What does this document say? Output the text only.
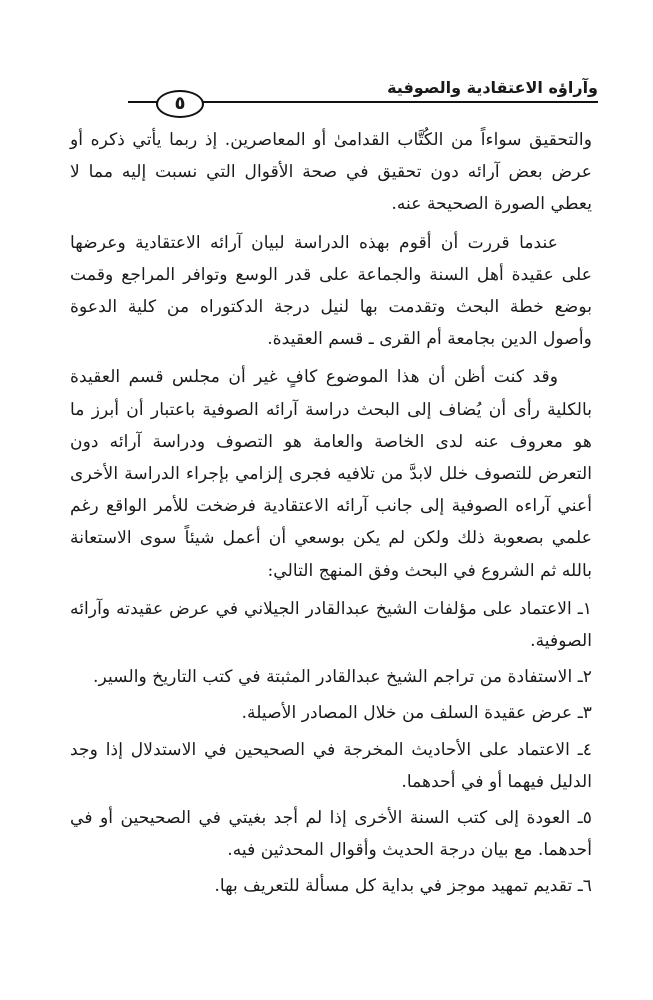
وآراؤه الاعتقادية والصوفية
٥

والتحقيق سواءاً من الكُتَّاب القدامىٰ أو المعاصرين. إذ ربما يأتي ذكره أو عرض بعض آرائه دون تحقيق في صحة الأقوال التي نسبت إليه مما لا يعطي الصورة الصحيحة عنه.

عندما قررت أن أقوم بهذه الدراسة لبيان آرائه الاعتقادية وعرضها على عقيدة أهل السنة والجماعة على قدر الوسع وتوافر المراجع وقمت بوضع خطة البحث وتقدمت بها لنيل درجة الدكتوراه من كلية الدعوة وأصول الدين بجامعة أم القرى ـ قسم العقيدة.

وقد كنت أظن أن هذا الموضوع كافٍ غير أن مجلس قسم العقيدة بالكلية رأى أن يُضاف إلى البحث دراسة آرائه الصوفية باعتبار أن أبرز ما هو معروف عنه لدى الخاصة والعامة هو التصوف ودراسة آرائه دون التعرض للتصوف خلل لابدَّ من تلافيه فجرى إلزامي بإجراء الدراسة الأخرى أعني آراءه الصوفية إلى جانب آرائه الاعتقادية فرضخت للأمر الواقع رغم علمي بصعوبة ذلك ولكن لم يكن بوسعي أن أعمل شيئاً سوى الاستعانة بالله ثم الشروع في البحث وفق المنهج التالي:

١ـ الاعتماد على مؤلفات الشيخ عبدالقادر الجيلاني في عرض عقيدته وآرائه الصوفية.

٢ـ الاستفادة من تراجم الشيخ عبدالقادر المثبتة في كتب التاريخ والسير.

٣ـ عرض عقيدة السلف من خلال المصادر الأصيلة.

٤ـ الاعتماد على الأحاديث المخرجة في الصحيحين في الاستدلال إذا وجد الدليل فيهما أو في أحدهما.

٥ـ العودة إلى كتب السنة الأخرى إذا لم أجد بغيتي في الصحيحين أو في أحدهما. مع بيان درجة الحديث وأقوال المحدثين فيه.

٦ـ تقديم تمهيد موجز في بداية كل مسألة للتعريف بها.
